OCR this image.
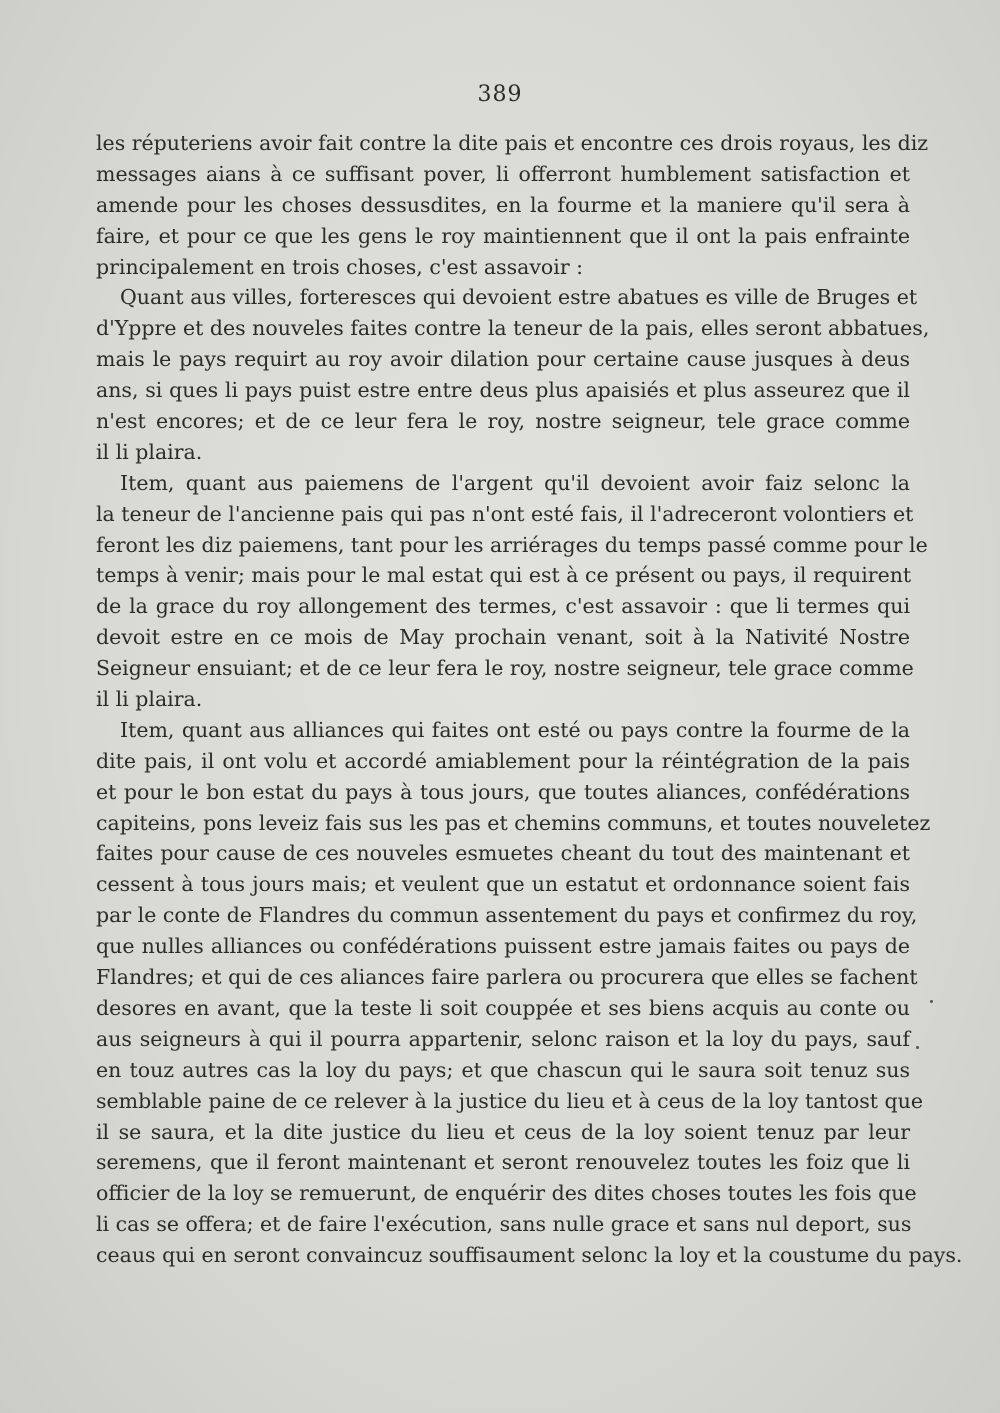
389
les réputeriens avoir fait contre la dite pais et encontre ces drois royaus, les diz
messages aians à ce suffisant pover, li offerront humblement satisfaction et
amende pour les choses dessusdites, en la fourme et la maniere qu'il sera à
faire, et pour ce que les gens le roy maintiennent que il ont la pais enfrainte
principalement en trois choses, c'est assavoir :
Quant aus villes, forteresces qui devoient estre abatues es ville de Bruges et
d'Yppre et des nouveles faites contre la teneur de la pais, elles seront abbatues,
mais le pays requirt au roy avoir dilation pour certaine cause jusques à deus
ans, si ques li pays puist estre entre deus plus apaisiés et plus asseurez que il
n'est encores; et de ce leur fera le roy, nostre seigneur, tele grace comme
il li plaira.
Item, quant aus paiemens de l'argent qu'il devoient avoir faiz selonc la
la teneur de l'ancienne pais qui pas n'ont esté fais, il l'adreceront volontiers et
feront les diz paiemens, tant pour les arriérages du temps passé comme pour le
temps à venir; mais pour le mal estat qui est à ce présent ou pays, il requirent
de la grace du roy allongement des termes, c'est assavoir : que li termes qui
devoit estre en ce mois de May prochain venant, soit à la Nativité Nostre
Seigneur ensuiant; et de ce leur fera le roy, nostre seigneur, tele grace comme
il li plaira.
Item, quant aus alliances qui faites ont esté ou pays contre la fourme de la
dite pais, il ont volu et accordé amiablement pour la réintégration de la pais
et pour le bon estat du pays à tous jours, que toutes aliances, confédérations
capiteins, pons leveiz fais sus les pas et chemins communs, et toutes nouveletez
faites pour cause de ces nouveles esmuetes cheant du tout des maintenant et
cessent à tous jours mais; et veulent que un estatut et ordonnance soient fais
par le conte de Flandres du commun assentement du pays et confirmez du roy,
que nulles alliances ou confédérations puissent estre jamais faites ou pays de
Flandres; et qui de ces aliances faire parlera ou procurera que elles se fachent
desores en avant, que la teste li soit couppée et ses biens acquis au conte ou
aus seigneurs à qui il pourra appartenir, selonc raison et la loy du pays, sauf
en touz autres cas la loy du pays; et que chascun qui le saura soit tenuz sus
semblable paine de ce relever à la justice du lieu et à ceus de la loy tantost que
il se saura, et la dite justice du lieu et ceus de la loy soient tenuz par leur
seremens, que il feront maintenant et seront renouvelez toutes les foiz que li
officier de la loy se remuerunt, de enquérir des dites choses toutes les fois que
li cas se offera; et de faire l'exécution, sans nulle grace et sans nul deport, sus
ceaus qui en seront convaincuz souffisaument selonc la loy et la coustume du pays.
